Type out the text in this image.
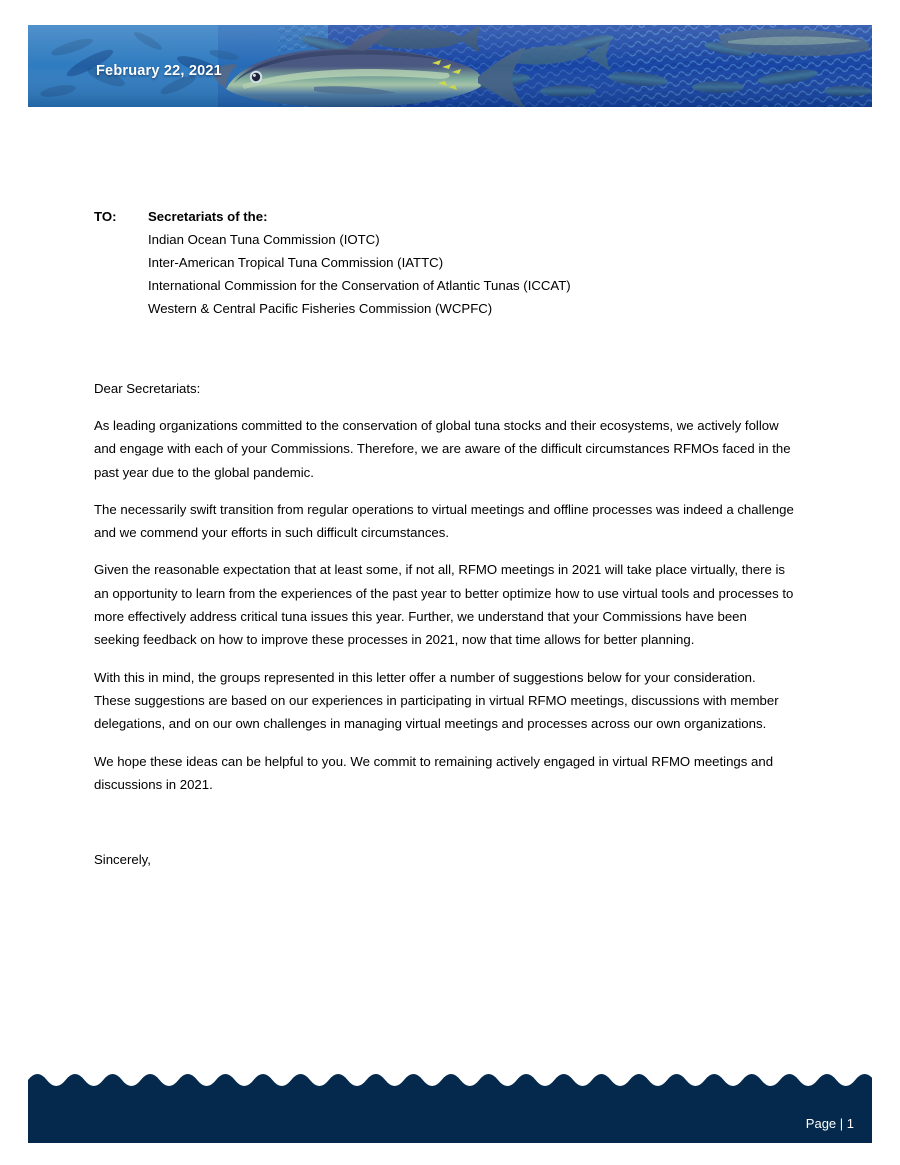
February 22, 2021
TO:	Secretariats of the:
Indian Ocean Tuna Commission (IOTC)
Inter-American Tropical Tuna Commission (IATTC)
International Commission for the Conservation of Atlantic Tunas (ICCAT)
Western & Central Pacific Fisheries Commission (WCPFC)
Dear Secretariats:

As leading organizations committed to the conservation of global tuna stocks and their ecosystems, we actively follow and engage with each of your Commissions. Therefore, we are aware of the difficult circumstances RFMOs faced in the past year due to the global pandemic.

The necessarily swift transition from regular operations to virtual meetings and offline processes was indeed a challenge and we commend your efforts in such difficult circumstances.

Given the reasonable expectation that at least some, if not all, RFMO meetings in 2021 will take place virtually, there is an opportunity to learn from the experiences of the past year to better optimize how to use virtual tools and processes to more effectively address critical tuna issues this year. Further, we understand that your Commissions have been seeking feedback on how to improve these processes in 2021, now that time allows for better planning.

With this in mind, the groups represented in this letter offer a number of suggestions below for your consideration. These suggestions are based on our experiences in participating in virtual RFMO meetings, discussions with member delegations, and on our own challenges in managing virtual meetings and processes across our own organizations.

We hope these ideas can be helpful to you. We commit to remaining actively engaged in virtual RFMO meetings and discussions in 2021.

Sincerely,
Page | 1
